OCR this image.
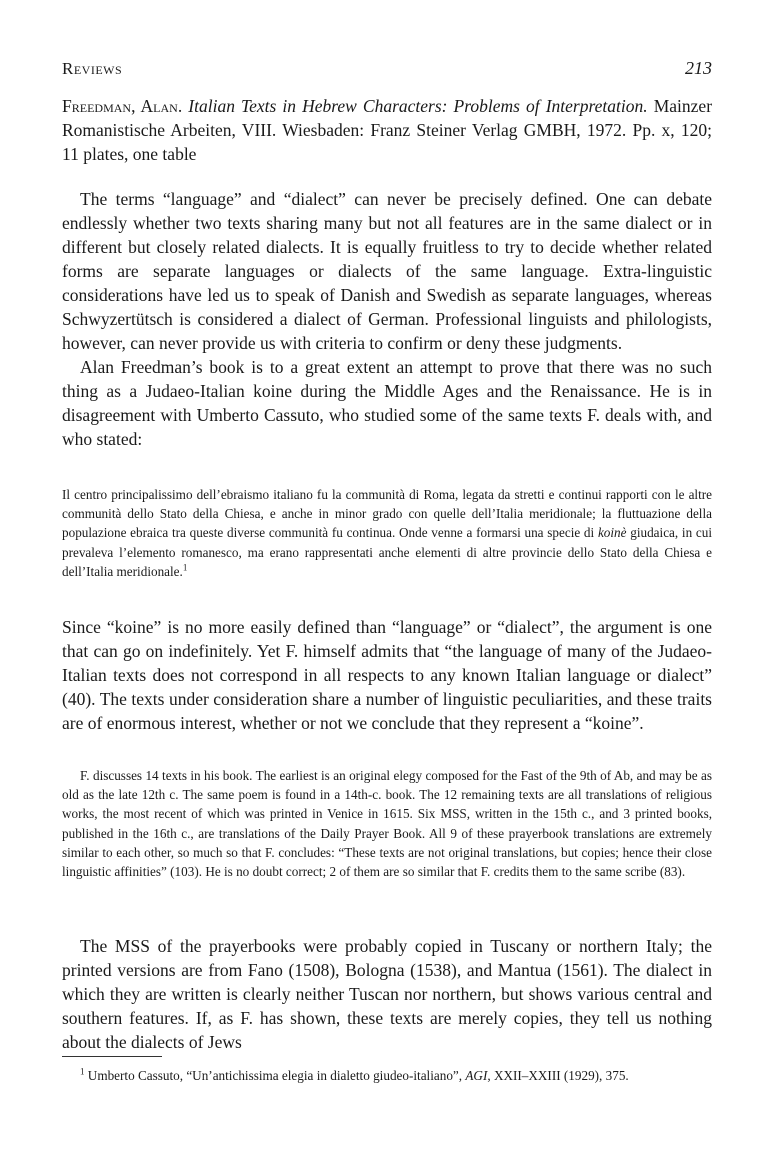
Reviews	213
Freedman, Alan. Italian Texts in Hebrew Characters: Problems of Interpretation. Mainzer Romanistische Arbeiten, VIII. Wiesbaden: Franz Steiner Verlag GMBH, 1972. Pp. x, 120; 11 plates, one table

The terms “language” and “dialect” can never be precisely defined. One can debate endlessly whether two texts sharing many but not all features are in the same dialect or in different but closely related dialects. It is equally fruitless to try to decide whether related forms are separate languages or dialects of the same language. Extra-linguistic considerations have led us to speak of Danish and Swedish as separate languages, whereas Schwyzertütsch is considered a dialect of German. Professional linguists and philologists, however, can never provide us with criteria to confirm or deny these judgments.

Alan Freedman’s book is to a great extent an attempt to prove that there was no such thing as a Judaeo-Italian koine during the Middle Ages and the Renaissance. He is in disagreement with Umberto Cassuto, who studied some of the same texts F. deals with, and who stated:

Il centro principalissimo dell’ebraismo italiano fu la communità di Roma, legata da stretti e continui rapporti con le altre communità dello Stato della Chiesa, e anche in minor grado con quelle dell’Italia meridionale; la fluttuazione della populazione ebraica tra queste diverse communità fu continua. Onde venne a formarsi una specie di koinè giudaica, in cui prevaleva l’elemento romanesco, ma erano rappresentati anche elementi di altre provincie dello Stato della Chiesa e dell’Italia meridionale.$^1$

Since “koine” is no more easily defined than “language” or “dialect”, the argument is one that can go on indefinitely. Yet F. himself admits that “the language of many of the Judaeo-Italian texts does not correspond in all respects to any known Italian language or dialect” (40). The texts under consideration share a number of linguistic peculiarities, and these traits are of enormous interest, whether or not we conclude that they represent a “koine”.

F. discusses 14 texts in his book. The earliest is an original elegy composed for the Fast of the 9th of Ab, and may be as old as the late 12th c. The same poem is found in a 14th-c. book. The 12 remaining texts are all translations of religious works, the most recent of which was printed in Venice in 1615. Six MSS, written in the 15th c., and 3 printed books, published in the 16th c., are translations of the Daily Prayer Book. All 9 of these prayerbook translations are extremely similar to each other, so much so that F. concludes: “These texts are not original translations, but copies; hence their close linguistic affinities” (103). He is no doubt correct; 2 of them are so similar that F. credits them to the same scribe (83).

The MSS of the prayerbooks were probably copied in Tuscany or northern Italy; the printed versions are from Fano (1508), Bologna (1538), and Mantua (1561). The dialect in which they are written is clearly neither Tuscan nor northern, but shows various central and southern features. If, as F. has shown, these texts are merely copies, they tell us nothing about the dialects of Jews

$^1$ Umberto Cassuto, “Un’antichissima elegia in dialetto giudeo-italiano”, AGI, XXII–XXIII (1929), 375.
